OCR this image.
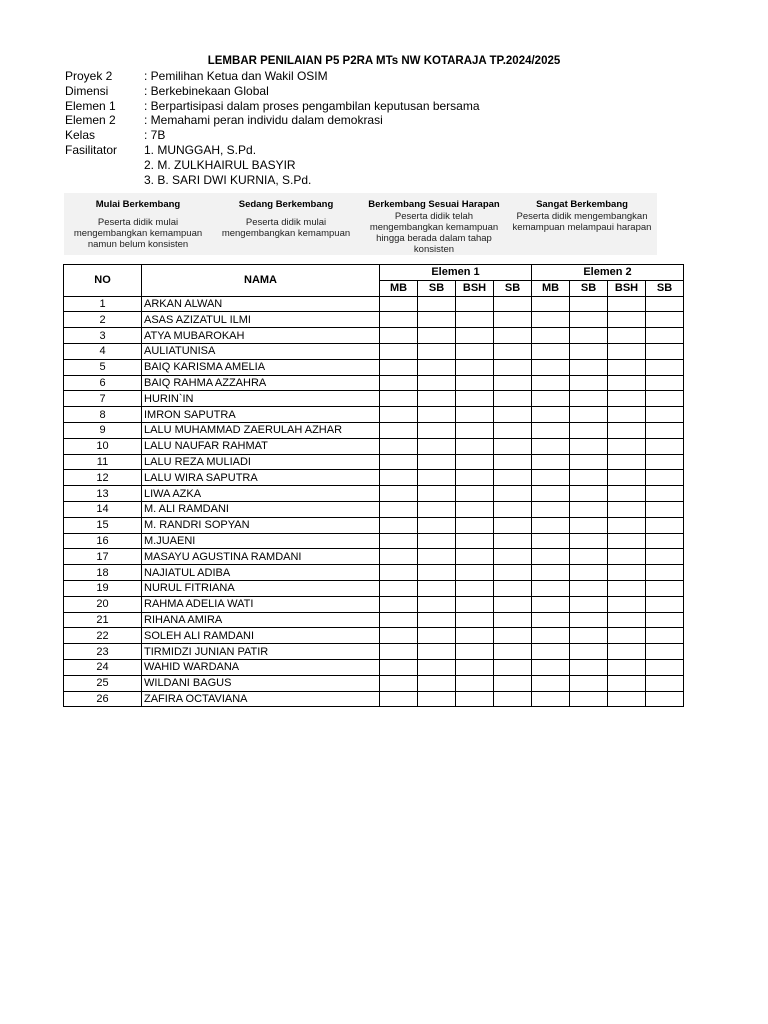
LEMBAR PENILAIAN P5 P2RA MTs NW KOTARAJA TP.2024/2025
Proyek 2	: Pemilihan Ketua dan Wakil OSIM
Dimensi	: Berkebinekaan Global
Elemen 1	: Berpartisipasi dalam proses pengambilan keputusan bersama
Elemen 2	: Memahami peran individu dalam demokrasi
Kelas	: 7B
Fasilitator	1. MUNGGAH, S.Pd.
2. M. ZULKHAIRUL BASYIR
3. B. SARI DWI KURNIA, S.Pd.
Mulai Berkembang
Peserta didik mulai mengembangkan kemampuan namun belum konsisten
Sedang Berkembang
Peserta didik mulai mengembangkan kemampuan
Berkembang Sesuai Harapan
Peserta didik telah mengembangkan kemampuan hingga berada dalam tahap konsisten
Sangat Berkembang
Peserta didik mengembangkan kemampuan melampaui harapan
NO	NAMA	Elemen 1				Elemen 2			
		MB	SB	BSH	SB	MB	SB	BSH	SB
1	ARKAN ALWAN								
2	ASAS AZIZATUL ILMI								
3	ATYA MUBAROKAH								
4	AULIATUNISA								
5	BAIQ KARISMA AMELIA								
6	BAIQ RAHMA AZZAHRA								
7	HURIN`IN								
8	IMRON SAPUTRA								
9	LALU MUHAMMAD ZAERULAH AZHAR								
10	LALU NAUFAR RAHMAT								
11	LALU REZA MULIADI								
12	LALU WIRA SAPUTRA								
13	LIWA AZKA								
14	M. ALI RAMDANI								
15	M. RANDRI SOPYAN								
16	M.JUAENI								
17	MASAYU AGUSTINA RAMDANI								
18	NAJIATUL ADIBA								
19	NURUL FITRIANA								
20	RAHMA ADELIA WATI								
21	RIHANA AMIRA								
22	SOLEH ALI RAMDANI								
23	TIRMIDZI JUNIAN PATIR								
24	WAHID WARDANA								
25	WILDANI BAGUS								
26	ZAFIRA OCTAVIANA								
